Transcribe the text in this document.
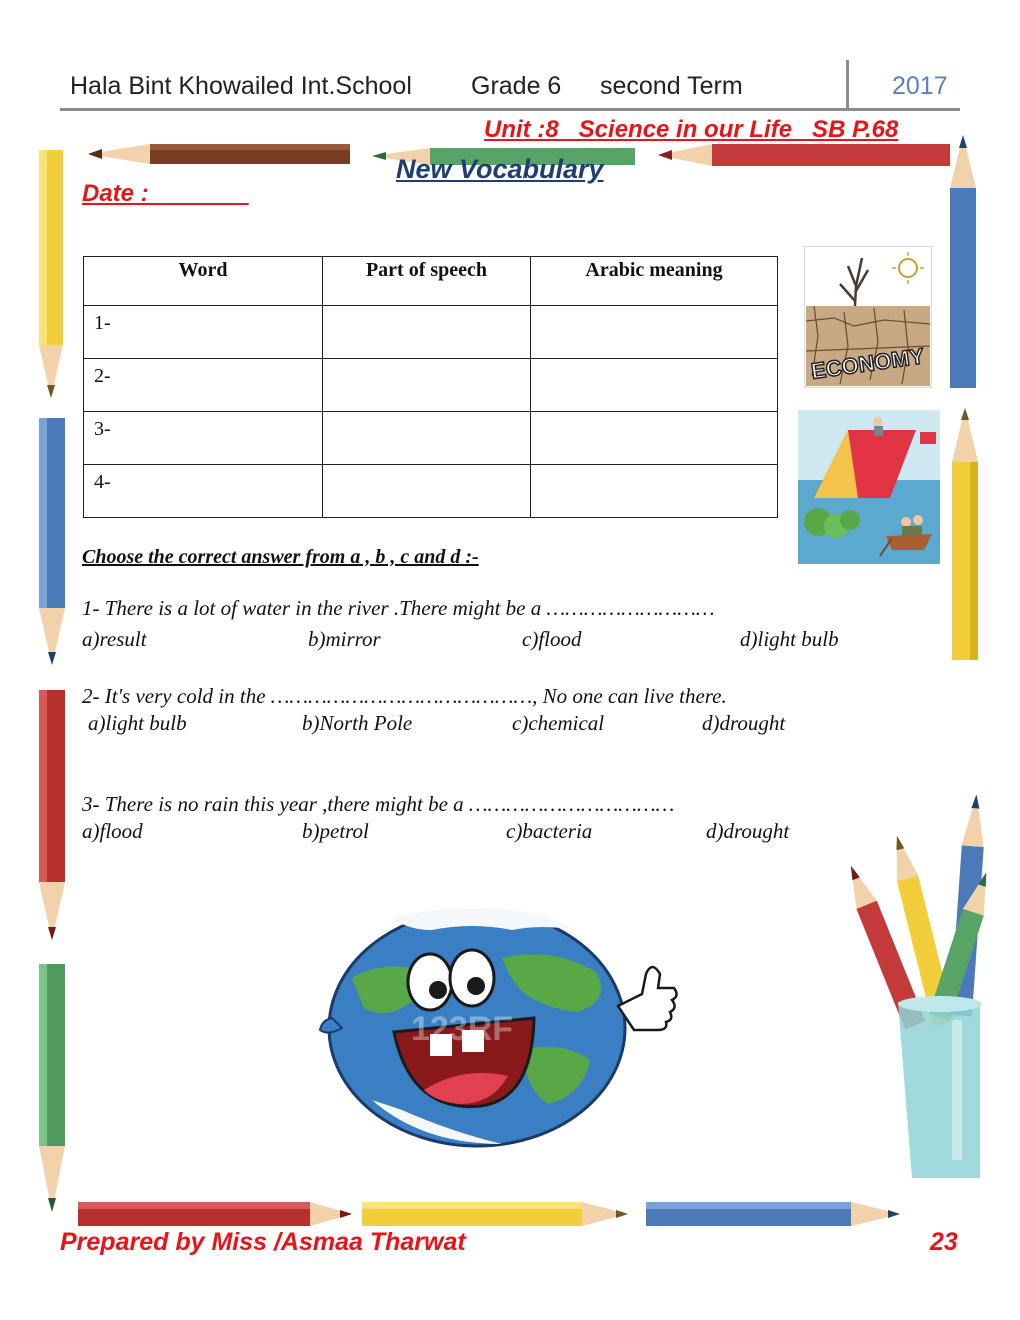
Hala Bint Khowailed Int.School Grade 6 second Term	2017
Unit :8   Science in our Life   SB P.68
New Vocabulary
Date :
Word	Part of speech	Arabic meaning
1-		
2-		
3-		
4-		
ECONOMY
Choose the correct answer from a , b , c and d :-
1- There is a lot of water in the river .There might be a ………………………
a)result	b)mirror	c)flood	d)light bulb
2- It's very cold in the ……………………………………, No one can live there.
a)light bulb	b)North Pole	c)chemical	d)drought
3- There is no rain this year ,there might be a ……………………………
a)flood	b)petrol	c)bacteria	d)drought
123RF
Prepared by Miss /Asmaa Tharwat	23
